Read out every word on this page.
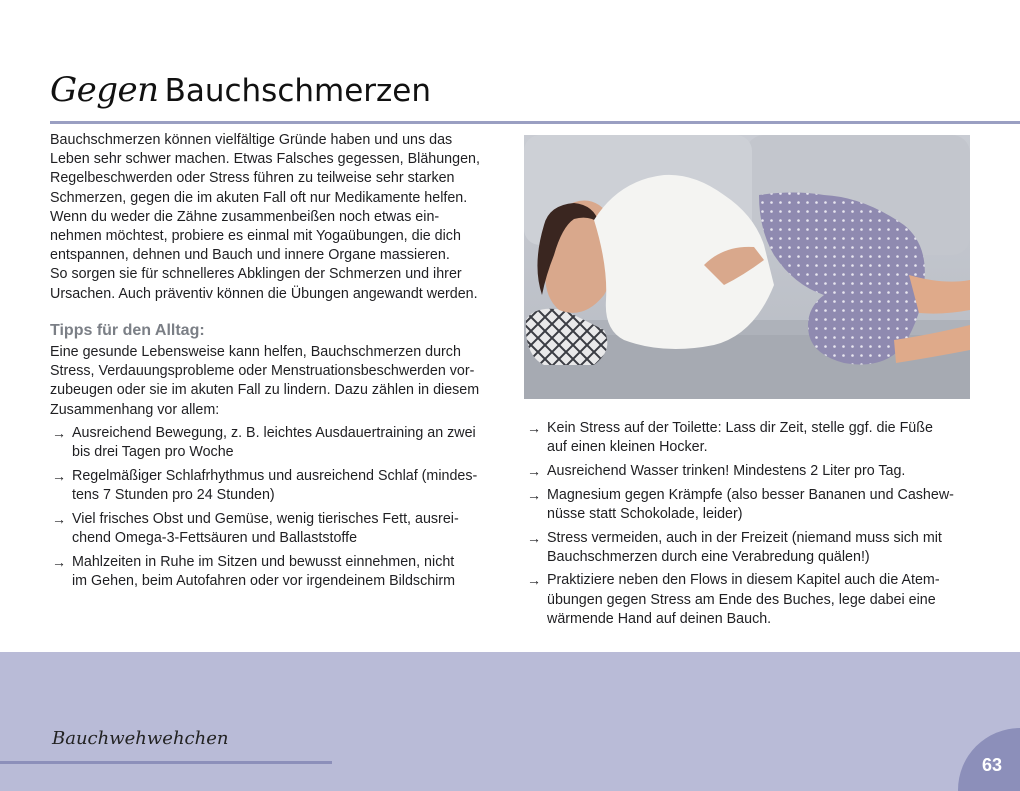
Gegen Bauchschmerzen

Bauchschmerzen können vielfältige Gründe haben und uns das

Leben sehr schwer machen. Etwas Falsches gegessen, Blähungen,

Regelbeschwerden oder Stress führen zu teilweise sehr starken

Schmerzen, gegen die im akuten Fall oft nur Medikamente helfen.

Wenn du weder die Zähne zusammenbeißen noch etwas ein-

nehmen möchtest, probiere es einmal mit Yogaübungen, die dich

entspannen, dehnen und Bauch und innere Organe massieren.

So sorgen sie für schnelleres Abklingen der Schmerzen und ihrer

Ursachen. Auch präventiv können die Übungen angewandt werden.

Tipps für den Alltag:

Eine gesunde Lebensweise kann helfen, Bauchschmerzen durch

Stress, Verdauungsprobleme oder Menstruationsbeschwerden vor-

zubeugen oder sie im akuten Fall zu lindern. Dazu zählen in diesem

Zusammenhang vor allem:

→ Ausreichend Bewegung, z. B. leichtes Ausdauertraining an zwei
bis drei Tagen pro Woche
→ Regelmäßiger Schlafrhythmus und ausreichend Schlaf (mindes-
tens 7 Stunden pro 24 Stunden)
→ Viel frisches Obst und Gemüse, wenig tierisches Fett, ausrei-
chend Omega-3-Fettsäuren und Ballaststoffe
→ Mahlzeiten in Ruhe im Sitzen und bewusst einnehmen, nicht
im Gehen, beim Autofahren oder vor irgendeinem Bildschirm
→ Kein Stress auf der Toilette: Lass dir Zeit, stelle ggf. die Füße
auf einen kleinen Hocker.
→ Ausreichend Wasser trinken! Mindestens 2 Liter pro Tag.
→ Magnesium gegen Krämpfe (also besser Bananen und Cashew-
nüsse statt Schokolade, leider)
→ Stress vermeiden, auch in der Freizeit (niemand muss sich mit
Bauchschmerzen durch eine Verabredung quälen!)
→ Praktiziere neben den Flows in diesem Kapitel auch die Atem-
übungen gegen Stress am Ende des Buches, lege dabei eine
wärmende Hand auf deinen Bauch.
Bauchwehwehchen
63
